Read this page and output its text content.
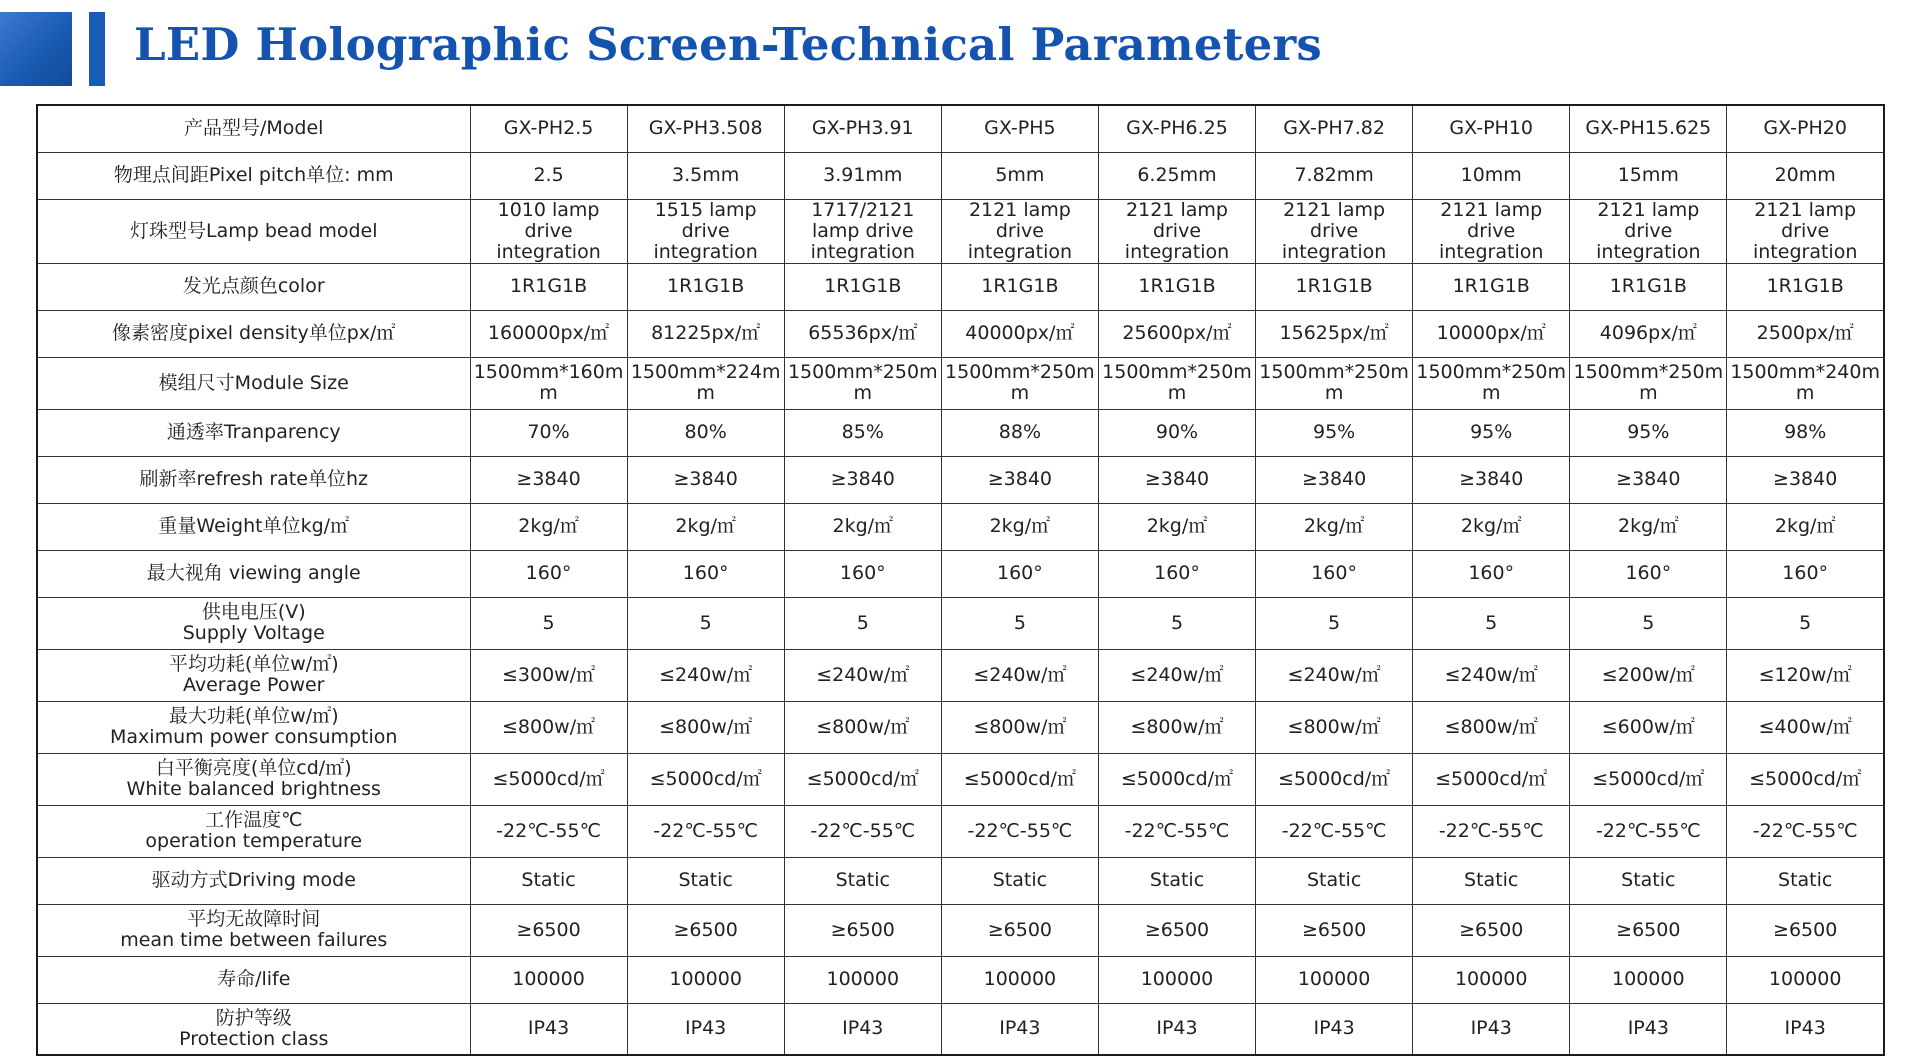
LED Holographic Screen-Technical Parameters
产品型号/Model	GX-PH2.5	GX-PH3.508	GX-PH3.91	GX-PH5	GX-PH6.25	GX-PH7.82	GX-PH10	GX-PH15.625	GX-PH20

物理点间距Pixel pitch单位: mm	2.5	3.5mm	3.91mm	5mm	6.25mm	7.82mm	10mm	15mm	20mm

灯珠型号Lamp bead model	1010 lamp drive integration	1515 lamp drive integration	1717/2121 lamp drive integration	2121 lamp drive integration	2121 lamp drive integration	2121 lamp drive integration	2121 lamp drive integration	2121 lamp drive integration	2121 lamp drive integration

发光点颜色color	1R1G1B	1R1G1B	1R1G1B	1R1G1B	1R1G1B	1R1G1B	1R1G1B	1R1G1B	1R1G1B

像素密度pixel density单位px/㎡	160000px/㎡	81225px/㎡	65536px/㎡	40000px/㎡	25600px/㎡	15625px/㎡	10000px/㎡	4096px/㎡	2500px/㎡

模组尺寸Module Size	1500mm*160mm	1500mm*224mm	1500mm*250mm	1500mm*250mm	1500mm*250mm	1500mm*250mm	1500mm*250mm	1500mm*250mm	1500mm*240mm

通透率Tranparency	70%	80%	85%	88%	90%	95%	95%	95%	98%

刷新率refresh rate单位hz	≥3840	≥3840	≥3840	≥3840	≥3840	≥3840	≥3840	≥3840	≥3840

重量Weight单位kg/㎡	2kg/㎡	2kg/㎡	2kg/㎡	2kg/㎡	2kg/㎡	2kg/㎡	2kg/㎡	2kg/㎡	2kg/㎡

最大视角 viewing angle	160°	160°	160°	160°	160°	160°	160°	160°	160°

供电电压(V)
Supply Voltage	5	5	5	5	5	5	5	5	5

平均功耗(单位w/㎡)
Average Power	≤300w/㎡	≤240w/㎡	≤240w/㎡	≤240w/㎡	≤240w/㎡	≤240w/㎡	≤240w/㎡	≤200w/㎡	≤120w/㎡

最大功耗(单位w/㎡)
Maximum power consumption	≤800w/㎡	≤800w/㎡	≤800w/㎡	≤800w/㎡	≤800w/㎡	≤800w/㎡	≤800w/㎡	≤600w/㎡	≤400w/㎡

白平衡亮度(单位cd/㎡)
White balanced brightness	≤5000cd/㎡	≤5000cd/㎡	≤5000cd/㎡	≤5000cd/㎡	≤5000cd/㎡	≤5000cd/㎡	≤5000cd/㎡	≤5000cd/㎡	≤5000cd/㎡

工作温度℃
operation temperature	-22℃-55℃	-22℃-55℃	-22℃-55℃	-22℃-55℃	-22℃-55℃	-22℃-55℃	-22℃-55℃	-22℃-55℃	-22℃-55℃

驱动方式Driving mode	Static	Static	Static	Static	Static	Static	Static	Static	Static

平均无故障时间
mean time between failures	≥6500	≥6500	≥6500	≥6500	≥6500	≥6500	≥6500	≥6500	≥6500

寿命/life	100000	100000	100000	100000	100000	100000	100000	100000	100000

防护等级
Protection class	IP43	IP43	IP43	IP43	IP43	IP43	IP43	IP43	IP43
